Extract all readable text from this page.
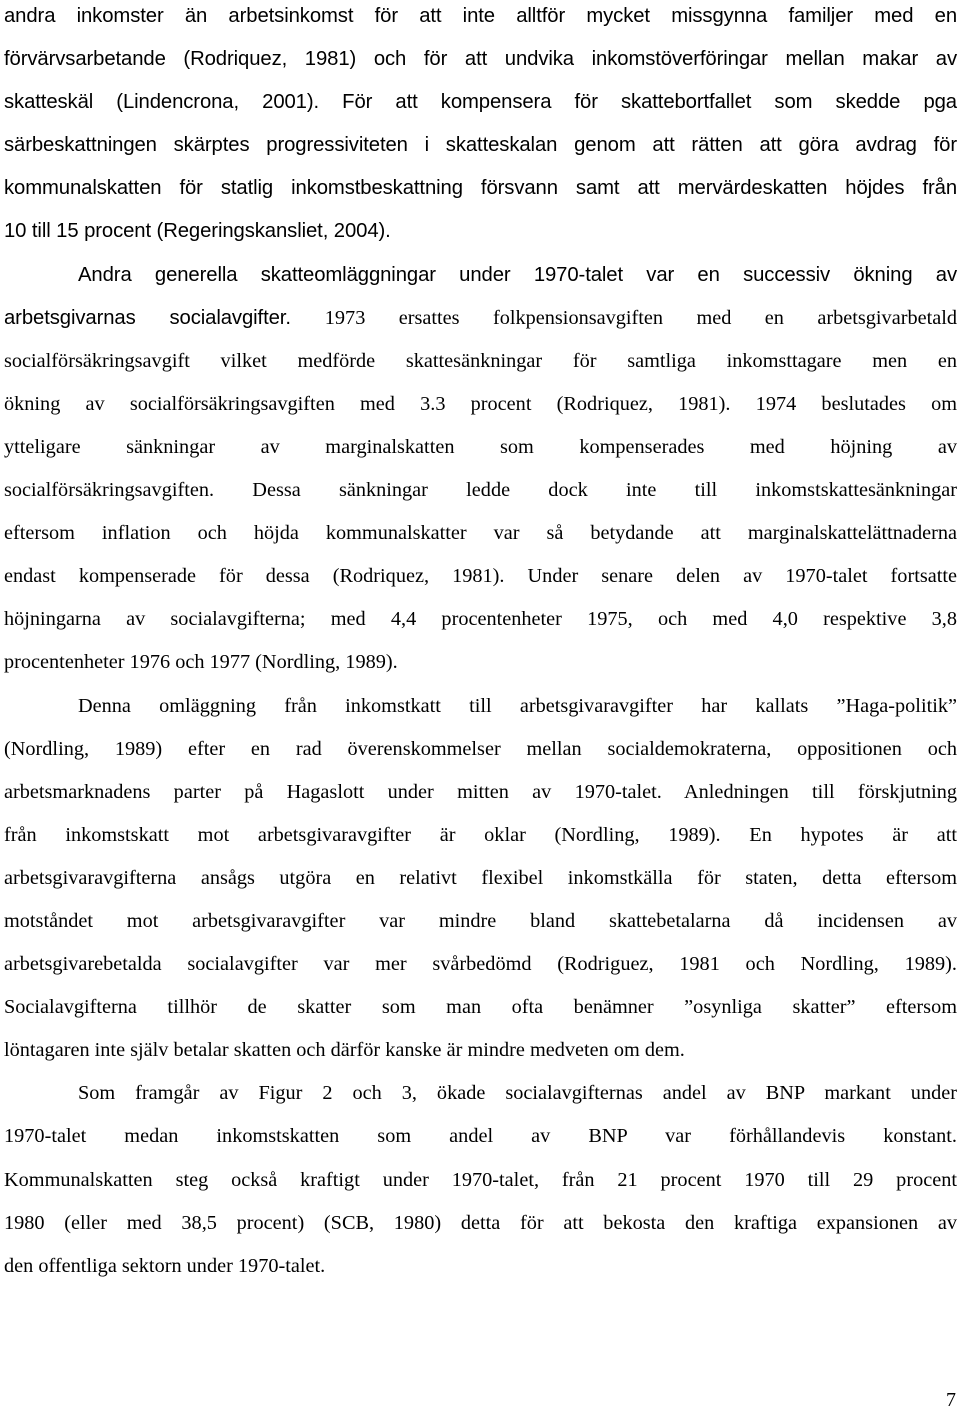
andra inkomster än arbetsinkomst för att inte alltför mycket missgynna familjer med en
förvärvsarbetande (Rodriquez, 1981) och för att undvika inkomstöverföringar mellan makar av
skatteskäl (Lindencrona, 2001). För att kompensera för skattebortfallet som skedde pga
särbeskattningen skärptes progressiviteten i skatteskalan genom att rätten att göra avdrag för
kommunalskatten för statlig inkomstbeskattning försvann samt att mervärdeskatten höjdes från
10 till 15 procent (Regeringskansliet, 2004).

Andra generella skatteomläggningar under 1970-talet var en successiv ökning av
arbetsgivarnas socialavgifter. 1973 ersattes folkpensionsavgiften med en arbetsgivarbetald
socialförsäkringsavgift vilket medförde skattesänkningar för samtliga inkomsttagare men en
ökning av socialförsäkringsavgiften med 3.3 procent (Rodriquez, 1981). 1974 beslutades om
ytteligare sänkningar av marginalskatten som kompenserades med höjning av
socialförsäkringsavgiften. Dessa sänkningar ledde dock inte till inkomstskattesänkningar
eftersom inflation och höjda kommunalskatter var så betydande att marginalskattelättnaderna
endast kompenserade för dessa (Rodriquez, 1981). Under senare delen av 1970-talet fortsatte
höjningarna av socialavgifterna; med 4,4 procentenheter 1975, och med 4,0 respektive 3,8
procentenheter 1976 och 1977 (Nordling, 1989).

Denna omläggning från inkomstkatt till arbetsgivaravgifter har kallats ”Haga-politik”
(Nordling, 1989) efter en rad överenskommelser mellan socialdemokraterna, oppositionen och
arbetsmarknadens parter på Hagaslott under mitten av 1970-talet. Anledningen till förskjutning
från inkomstskatt mot arbetsgivaravgifter är oklar (Nordling, 1989). En hypotes är att
arbetsgivaravgifterna ansågs utgöra en relativt flexibel inkomstkälla för staten, detta eftersom
motståndet mot arbetsgivaravgifter var mindre bland skattebetalarna då incidensen av
arbetsgivarebetalda socialavgifter var mer svårbedömd (Rodriguez, 1981 och Nordling, 1989).
Socialavgifterna tillhör de skatter som man ofta benämner ”osynliga skatter” eftersom
löntagaren inte själv betalar skatten och därför kanske är mindre medveten om dem.

Som framgår av Figur 2 och 3, ökade socialavgifternas andel av BNP markant under
1970-talet medan inkomstskatten som andel av BNP var förhållandevis konstant.
Kommunalskatten steg också kraftigt under 1970-talet, från 21 procent 1970 till 29 procent
1980 (eller med 38,5 procent) (SCB, 1980) detta för att bekosta den kraftiga expansionen av
den offentliga sektorn under 1970-talet.

7
